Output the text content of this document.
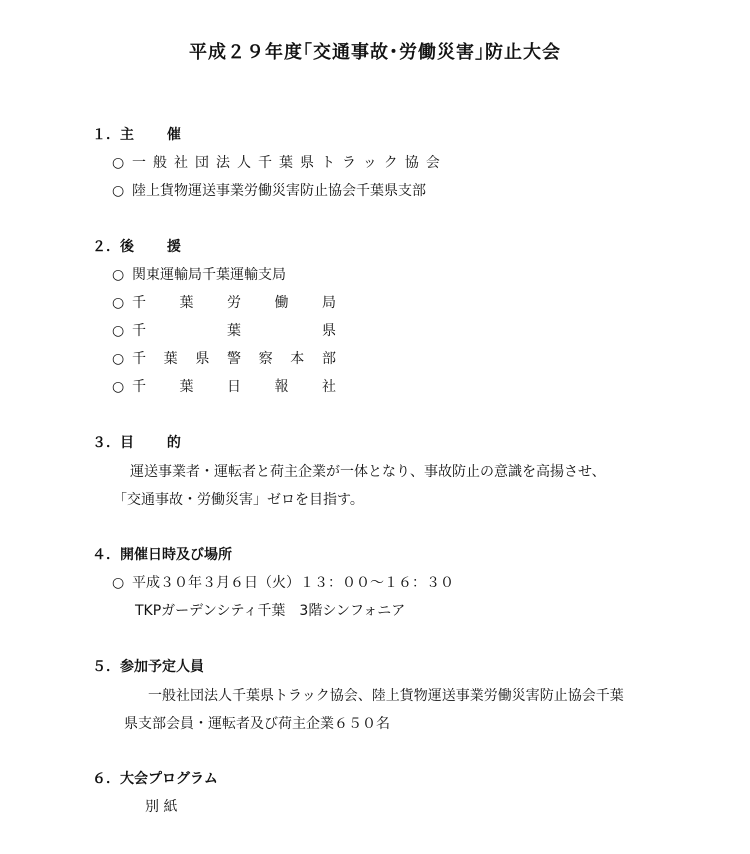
平成２９年度｢交通事故･労働災害｣防止大会
１．主 催
○ 一般社団法人千葉県トラック協会
○ 陸上貨物運送事業労働災害防止協会千葉県支部
２．後 援
○ 関東運輸局千葉運輸支局
○ 千 葉 労 働 局
○ 千	葉	県
○ 千 葉 県 警 察 本 部
○ 千 葉 日 報 社
３．目 的
運送事業者・運転者と荷主企業が一体となり、事故防止の意識を高揚させ、
「交通事故・労働災害」ゼロを目指す。
４．開催日時及び場所
○ 平成３０年３月６日（火）１３：００～１６：３０
TKPガーデンシティ千葉　3階シンフォニア
５．参加予定人員
一般社団法人千葉県トラック協会、陸上貨物運送事業労働災害防止協会千葉
県支部会員・運転者及び荷主企業６５０名
６．大会プログラム
別 紙
